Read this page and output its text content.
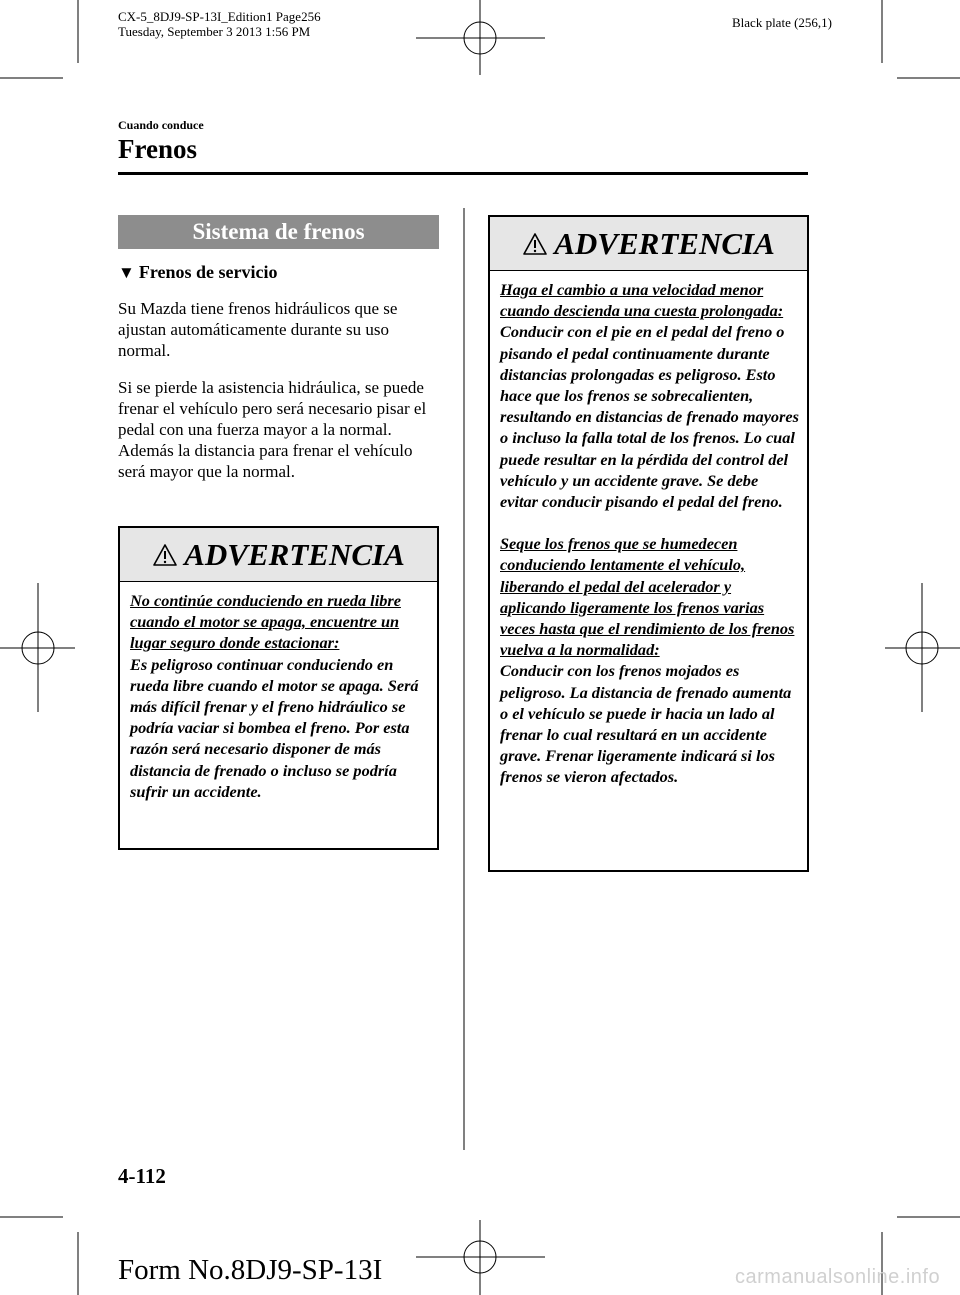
CX-5_8DJ9-SP-13I_Edition1 Page256
Tuesday, September 3 2013 1:56 PM
Black plate (256,1)
Cuando conduce
Frenos
Sistema de frenos
▼ Frenos de servicio

Su Mazda tiene frenos hidráulicos que se ajustan automáticamente durante su uso normal.

Si se pierde la asistencia hidráulica, se puede frenar el vehículo pero será necesario pisar el pedal con una fuerza mayor a la normal. Además la distancia para frenar el vehículo será mayor que la normal.

ADVERTENCIA
No continúe conduciendo en rueda libre cuando el motor se apaga, encuentre un lugar seguro donde estacionar:
Es peligroso continuar conduciendo en rueda libre cuando el motor se apaga. Será más difícil frenar y el freno hidráulico se podría vaciar si bombea el freno. Por esta razón será necesario disponer de más distancia de frenado o incluso se podría sufrir un accidente.
ADVERTENCIA
Haga el cambio a una velocidad menor cuando descienda una cuesta prolongada:
Conducir con el pie en el pedal del freno o pisando el pedal continuamente durante distancias prolongadas es peligroso. Esto hace que los frenos se sobrecalienten, resultando en distancias de frenado mayores o incluso la falla total de los frenos. Lo cual puede resultar en la pérdida del control del vehículo y un accidente grave. Se debe evitar conducir pisando el pedal del freno.
Seque los frenos que se humedecen conduciendo lentamente el vehículo, liberando el pedal del acelerador y aplicando ligeramente los frenos varias veces hasta que el rendimiento de los frenos vuelva a la normalidad:
Conducir con los frenos mojados es peligroso. La distancia de frenado aumenta o el vehículo se puede ir hacia un lado al frenar lo cual resultará en un accidente grave. Frenar ligeramente indicará si los frenos se vieron afectados.
4-112
Form No.8DJ9-SP-13I	carmanualsonline.info
